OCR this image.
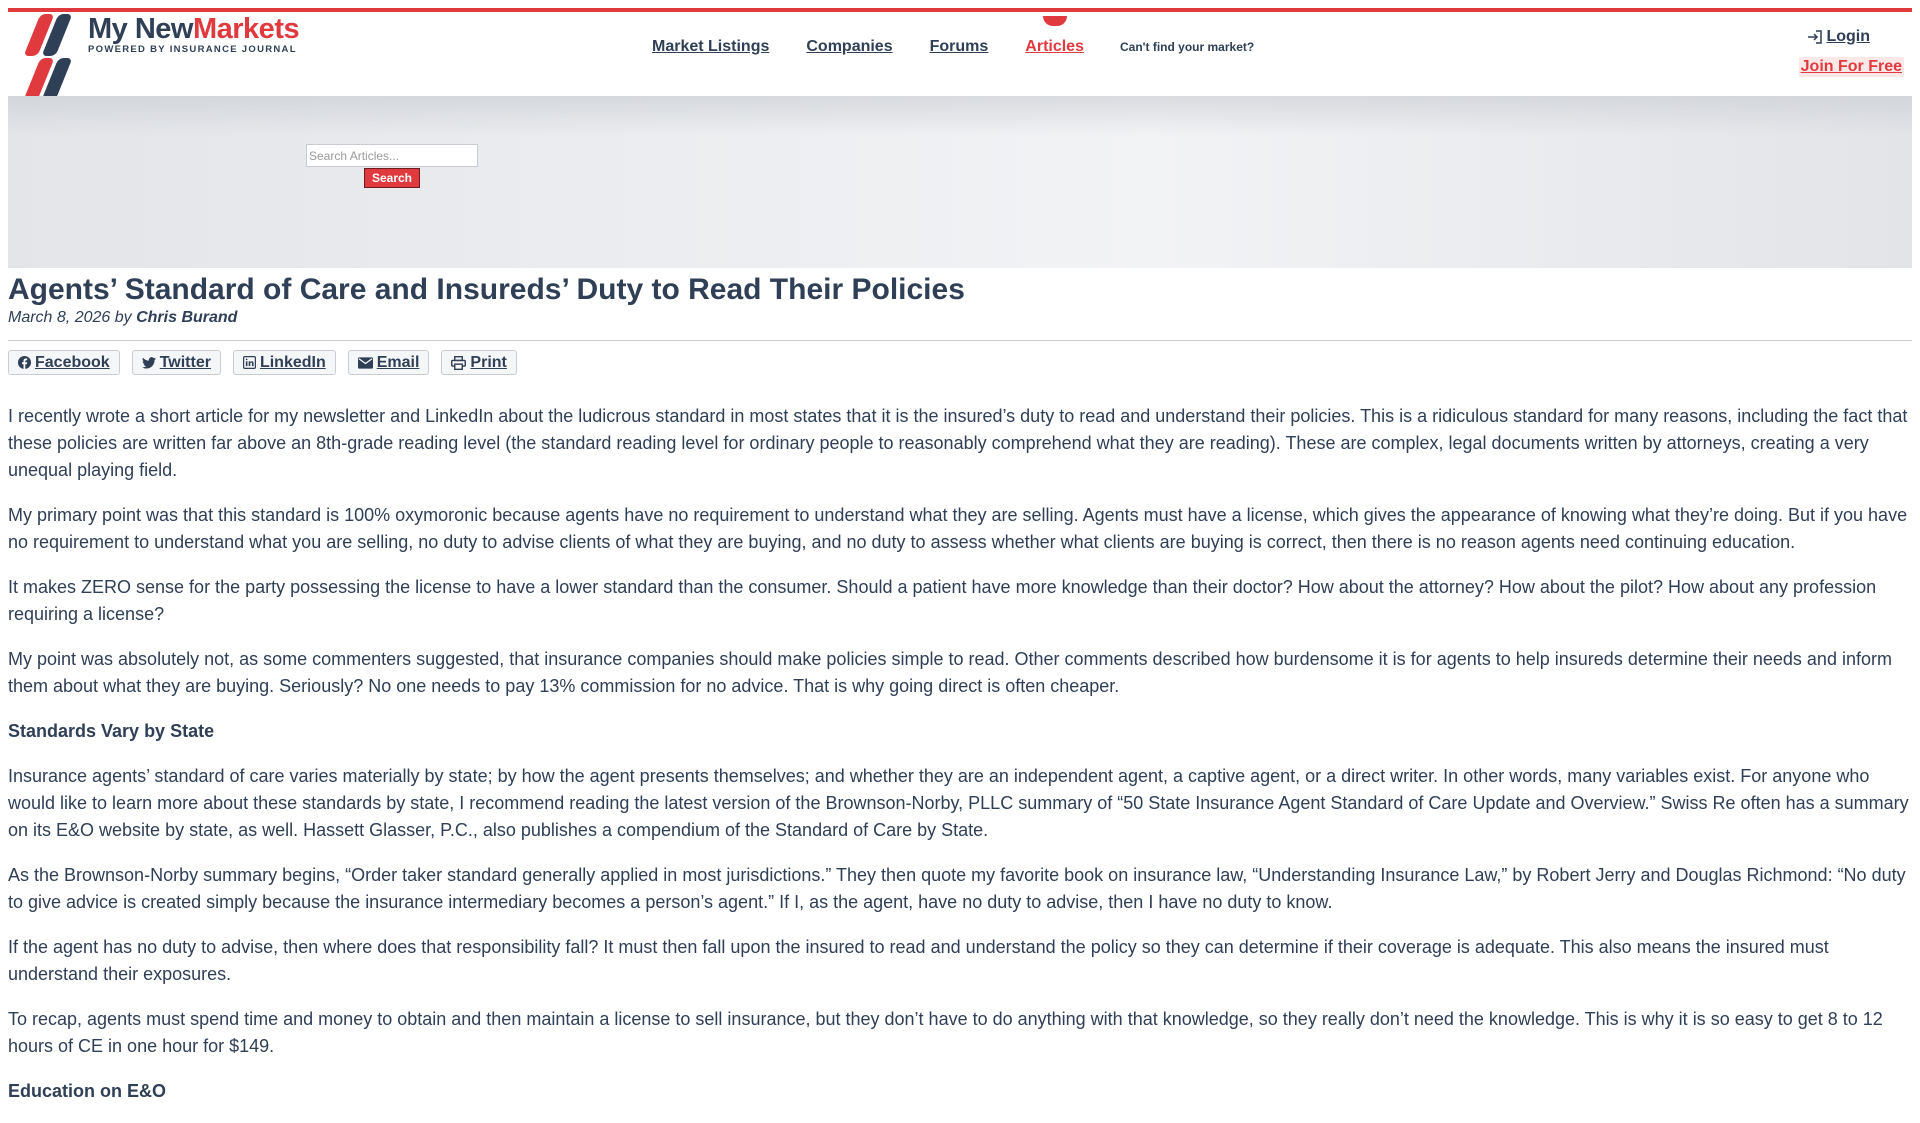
My NewMarkets
POWERED BY INSURANCE JOURNAL	Market Listings Companies Forums Articles	Can't find your market?
Login
Join For Free
Search Articles...
Search
Agents’ Standard of Care and Insureds’ Duty to Read Their Policies
March 8, 2026 by Chris Burand
Facebook	Twitter	LinkedIn	Email	Print

I recently wrote a short article for my newsletter and LinkedIn about the ludicrous standard in most states that it is the insured’s duty to read and understand their policies. This is a ridiculous standard for many reasons, including the fact that these policies are written far above an 8th-grade reading level (the standard reading level for ordinary people to reasonably comprehend what they are reading). These are complex, legal documents written by attorneys, creating a very unequal playing field.

My primary point was that this standard is 100% oxymoronic because agents have no requirement to understand what they are selling. Agents must have a license, which gives the appearance of knowing what they’re doing. But if you have no requirement to understand what you are selling, no duty to advise clients of what they are buying, and no duty to assess whether what clients are buying is correct, then there is no reason agents need continuing education.

It makes ZERO sense for the party possessing the license to have a lower standard than the consumer. Should a patient have more knowledge than their doctor? How about the attorney? How about the pilot? How about any profession requiring a license?

My point was absolutely not, as some commenters suggested, that insurance companies should make policies simple to read. Other comments described how burdensome it is for agents to help insureds determine their needs and inform them about what they are buying. Seriously? No one needs to pay 13% commission for no advice. That is why going direct is often cheaper.

Standards Vary by State

Insurance agents’ standard of care varies materially by state; by how the agent presents themselves; and whether they are an independent agent, a captive agent, or a direct writer. In other words, many variables exist. For anyone who would like to learn more about these standards by state, I recommend reading the latest version of the Brownson-Norby, PLLC summary of “50 State Insurance Agent Standard of Care Update and Overview.” Swiss Re often has a summary on its E&O website by state, as well. Hassett Glasser, P.C., also publishes a compendium of the Standard of Care by State.

As the Brownson-Norby summary begins, “Order taker standard generally applied in most jurisdictions.” They then quote my favorite book on insurance law, “Understanding Insurance Law,” by Robert Jerry and Douglas Richmond: “No duty to give advice is created simply because the insurance intermediary becomes a person’s agent.” If I, as the agent, have no duty to advise, then I have no duty to know.

If the agent has no duty to advise, then where does that responsibility fall? It must then fall upon the insured to read and understand the policy so they can determine if their coverage is adequate. This also means the insured must understand their exposures.

To recap, agents must spend time and money to obtain and then maintain a license to sell insurance, but they don’t have to do anything with that knowledge, so they really don’t need the knowledge. This is why it is so easy to get 8 to 12 hours of CE in one hour for $149.

Education on E&O
